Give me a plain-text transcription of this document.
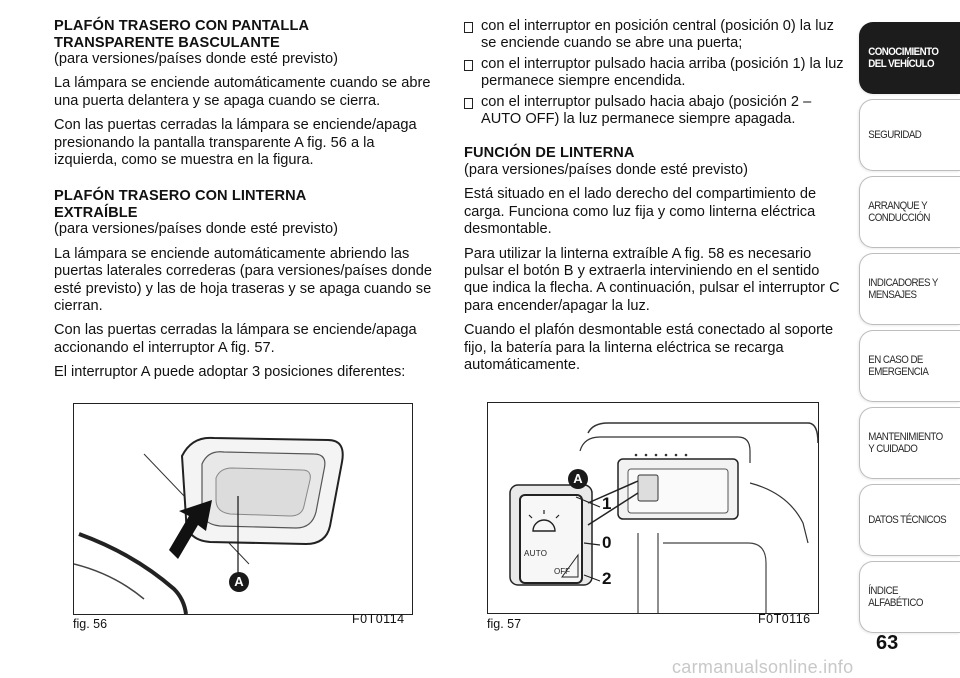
PLAFÓN TRASERO CON PANTALLA
TRANSPARENTE BASCULANTE

(para versiones/países donde esté previsto)

La lámpara se enciende automáticamente cuando se abre una puerta delantera y se apaga cuando se cierra.

Con las puertas cerradas la lámpara se enciende/apaga presionando la pantalla transparente A fig. 56 a la izquierda, como se muestra en la figura.

PLAFÓN TRASERO CON LINTERNA
EXTRAÍBLE

(para versiones/países donde esté previsto)

La lámpara se enciende automáticamente abriendo las puertas laterales correderas (para versiones/países donde esté previsto) y las de hoja traseras y se apaga cuando se cierran.

Con las puertas cerradas la lámpara se enciende/apaga accionando el interruptor A fig. 57.

El interruptor A puede adoptar 3 posiciones diferentes:

con el interruptor en posición central (posición 0) la luz se enciende cuando se abre una puerta;
con el interruptor pulsado hacia arriba (posición 1) la luz permanece siempre encendida.
con el interruptor pulsado hacia abajo (posición 2 – AUTO OFF) la luz permanece siempre apagada.
FUNCIÓN DE LINTERNA

(para versiones/países donde esté previsto)

Está situado en el lado derecho del compartimiento de carga. Funciona como luz fija y como linterna eléctrica desmontable.

Para utilizar la linterna extraíble A fig. 58 es necesario pulsar el botón B y extraerla interviniendo en el sentido que indica la flecha. A continuación, pulsar el interruptor C para encender/apagar la luz.

Cuando el plafón desmontable está conectado al soporte fijo, la batería para la linterna eléctrica se recarga automáticamente.

A
fig. 56	F0T0114
A
AUTO
OFF
1
0
2
fig. 57	F0T0116
CONOCIMIENTO DEL VEHÍCULO
SEGURIDAD
ARRANQUE Y CONDUCCIÓN
INDICADORES Y MENSAJES
EN CASO DE EMERGENCIA
MANTENIMIENTO Y CUIDADO
DATOS TÉCNICOS
ÍNDICE ALFABÉTICO
63
carmanualsonline.info
